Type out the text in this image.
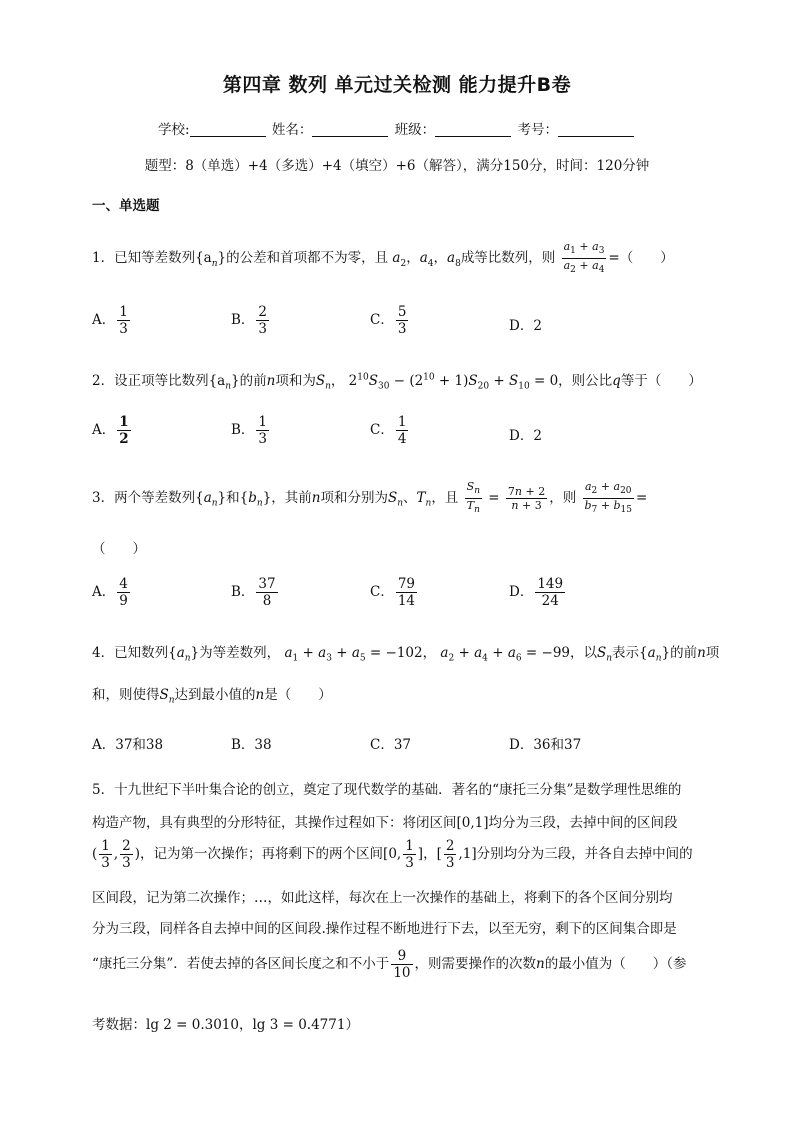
第四章 数列 单元过关检测 能力提升B卷
学校:	姓名：	班级：	考号：
题型：8（单选）+4（多选）+4（填空）+6（解答），满分150分，时间：120分钟
一、单选题
1．已知等差数列$\{a_n\}$的公差和首项都不为零，且 $a_2$，$a_4$，$a_8$成等比数列，则 $\frac{a_1 + a_3}{a_2 + a_4}$ =（　　）
A． $\frac{1}{3}$	B． $\frac{2}{3}$	C． $\frac{5}{3}$	D．2
2．设正项等比数列$\{a_n\}$的前n项和为$S_n$， $2^{10}S_{30} - (2^{10} + 1)S_{20} + S_{10} = 0$，则公比q等于（　　）
A． $\frac{1}{2}$	B． $\frac{1}{3}$	C． $\frac{1}{4}$	D．2
3．两个等差数列$\{a_n\}$和$\{b_n\}$，其前n项和分别为$S_n$、$T_n$，且 $\frac{S_n}{T_n} = \frac{7n + 2}{n + 3}$ ，则 $\frac{a_2 + a_{20}}{b_7 + b_{15}}$ =
（　　）
A． $\frac{4}{9}$	B． $\frac{37}{8}$	C． $\frac{79}{14}$	D． $\frac{149}{24}$
4．已知数列$\{a_n\}$为等差数列， $a_1 + a_3 + a_5 = -102$， $a_2 + a_4 + a_6 = -99$，以$S_n$表示$\{a_n\}$的前n项
和，则使得$S_n$达到最小值的n是（　　）
A．37和38	B．38	C．37	D．36和37
5．十九世纪下半叶集合论的创立，奠定了现代数学的基础．著名的“康托三分集”是数学理性思维的
构造产物，具有典型的分形特征，其操作过程如下：将闭区间[0,1]均分为三段，去掉中间的区间段
( $\frac{1}{3}$ , $\frac{2}{3}$ )，记为第一次操作；再将剩下的两个区间[0, $\frac{1}{3}$ ]，[ $\frac{2}{3} ,1$]分别均分为三段，并各自去掉中间的
区间段，记为第二次操作；…，如此这样，每次在上一次操作的基础上，将剩下的各个区间分别均
分为三段，同样各自去掉中间的区间段.操作过程不断地进行下去，以至无穷，剩下的区间集合即是
“康托三分集”．若使去掉的各区间长度之和不小于 $\frac{9}{10}$ ，则需要操作的次数n的最小值为（　　）（参
考数据：lg 2 = 0.3010，lg 3 = 0.4771）
